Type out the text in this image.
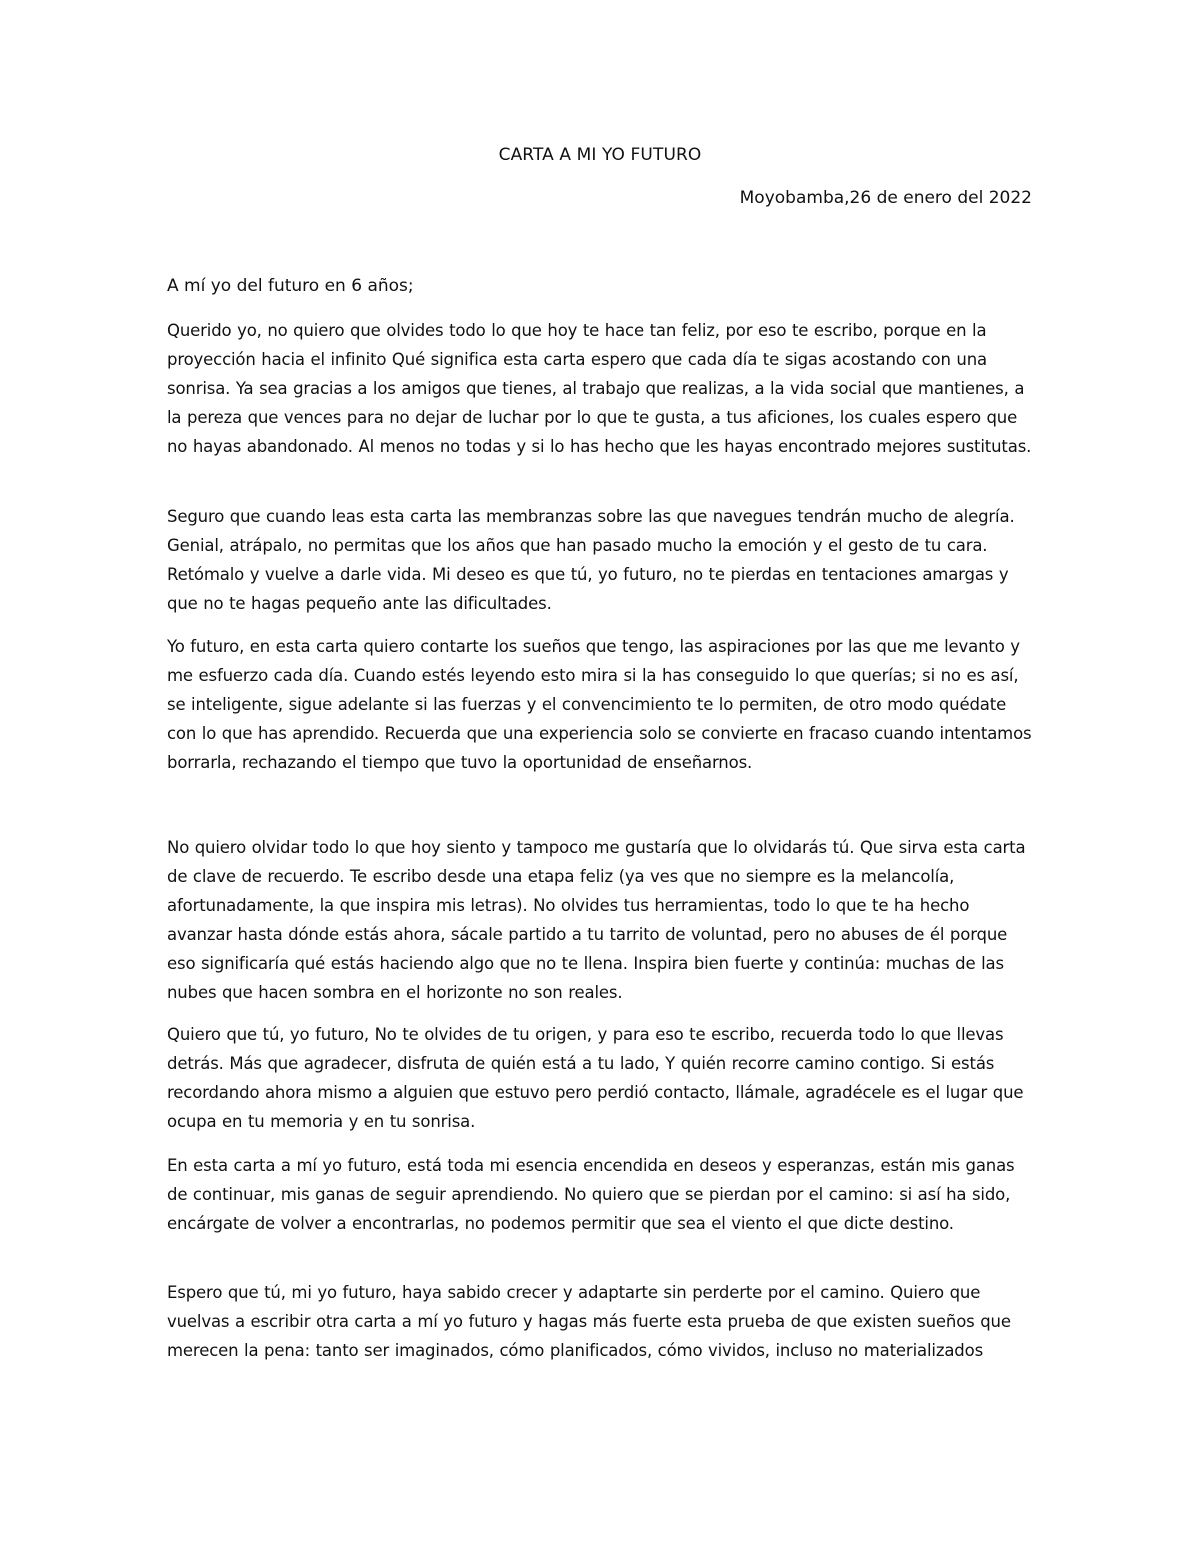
CARTA A MI YO FUTURO
Moyobamba,26 de enero del 2022
A mí yo del futuro en 6 años;

Querido yo, no quiero que olvides todo lo que hoy te hace tan feliz, por eso te escribo, porque en la proyección hacia el infinito Qué significa esta carta espero que cada día te sigas acostando con una sonrisa. Ya sea gracias a los amigos que tienes, al trabajo que realizas, a la vida social que mantienes, a la pereza que vences para no dejar de luchar por lo que te gusta, a tus aficiones, los cuales espero que no hayas abandonado. Al menos no todas y si lo has hecho que les hayas encontrado mejores sustitutas.

Seguro que cuando leas esta carta las membranzas sobre las que navegues tendrán mucho de alegría. Genial, atrápalo, no permitas que los años que han pasado mucho la emoción y el gesto de tu cara. Retómalo y vuelve a darle vida. Mi deseo es que tú, yo futuro, no te pierdas en tentaciones amargas y que no te hagas pequeño ante las dificultades.

Yo futuro, en esta carta quiero contarte los sueños que tengo, las aspiraciones por las que me levanto y me esfuerzo cada día. Cuando estés leyendo esto mira si la has conseguido lo que querías; si no es así, se inteligente, sigue adelante si las fuerzas y el convencimiento te lo permiten, de otro modo quédate con lo que has aprendido. Recuerda que una experiencia solo se convierte en fracaso cuando intentamos borrarla, rechazando el tiempo que tuvo la oportunidad de enseñarnos.

No quiero olvidar todo lo que hoy siento y tampoco me gustaría que lo olvidarás tú. Que sirva esta carta de clave de recuerdo. Te escribo desde una etapa feliz (ya ves que no siempre es la melancolía, afortunadamente, la que inspira mis letras). No olvides tus herramientas, todo lo que te ha hecho avanzar hasta dónde estás ahora, sácale partido a tu tarrito de voluntad, pero no abuses de él porque eso significaría qué estás haciendo algo que no te llena. Inspira bien fuerte y continúa: muchas de las nubes que hacen sombra en el horizonte no son reales.

Quiero que tú, yo futuro, No te olvides de tu origen, y para eso te escribo, recuerda todo lo que llevas detrás. Más que agradecer, disfruta de quién está a tu lado, Y quién recorre camino contigo. Si estás recordando ahora mismo a alguien que estuvo pero perdió contacto, llámale, agradécele es el lugar que ocupa en tu memoria y en tu sonrisa.

En esta carta a mí yo futuro, está toda mi esencia encendida en deseos y esperanzas, están mis ganas de continuar, mis ganas de seguir aprendiendo. No quiero que se pierdan por el camino: si así ha sido, encárgate de volver a encontrarlas, no podemos permitir que sea el viento el que dicte destino.

Espero que tú, mi yo futuro, haya sabido crecer y adaptarte sin perderte por el camino. Quiero que vuelvas a escribir otra carta a mí yo futuro y hagas más fuerte esta prueba de que existen sueños que merecen la pena: tanto ser imaginados, cómo planificados, cómo vividos, incluso no materializados
